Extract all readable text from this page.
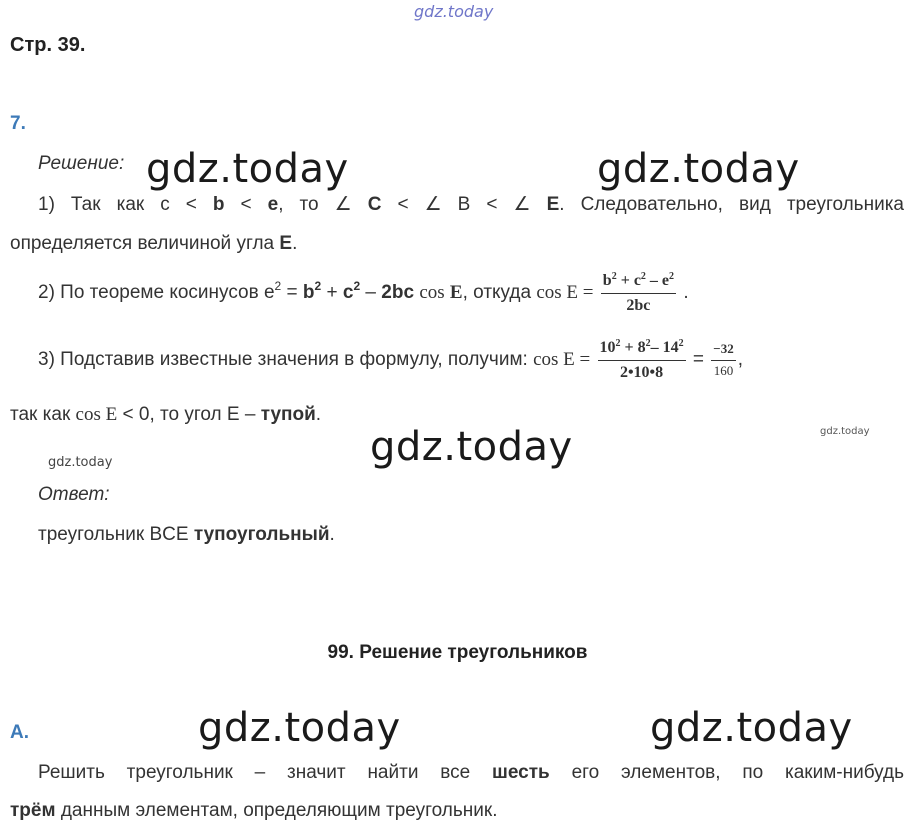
gdz.today
gdz.today	gdz.today
gdz.today
gdz.today
gdz.today
gdz.today	gdz.today
Стр. 39.
7.
Решение:
1) Так как c < b < e, то ∠ C < ∠ B < ∠ E. Следовательно, вид треугольника
определяется величиной угла E.
2) По теореме косинусов $e^2 = b^2 + c^2 - 2bc$ cos E, откуда $\cos E = \frac{b^2 + c^2 - e^2}{2bc}$ .
3) Подставив известные значения в формулу, получим: $\cos E = \frac{10^2 + 8^2- 14^2}{2•10•8} = \frac{-32}{160}$ ,
так как cos E < 0, то угол E – тупой.
Ответ:
треугольник BCE тупоугольный.
99. Решение треугольников
A.
Решить треугольник – значит найти все шесть его элементов, по каким-нибудь
трём данным элементам, определяющим треугольник.
